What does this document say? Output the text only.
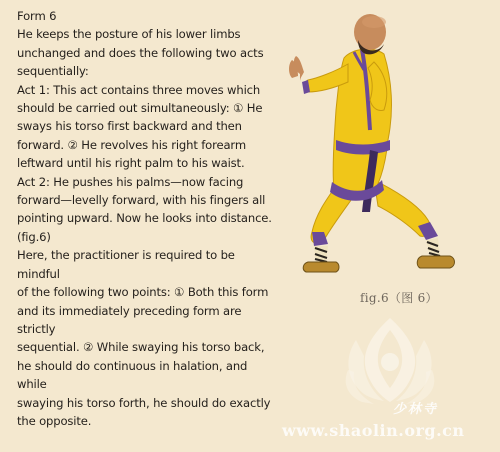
Form 6

He keeps the posture of his lower limbs
unchanged and does the following two acts
sequentially:

Act 1: This act contains three moves which
should be carried out simultaneously: ① He
sways his torso first backward and then
forward. ② He revolves his right forearm
leftward until his right palm to his waist.

Act 2: He pushes his palms—now facing
forward—levelly forward, with his fingers all
pointing upward. Now he looks into distance.
(fig.6)

Here, the practitioner is required to be mindful
of the following two points: ① Both this form
and its immediately preceding form are strictly
sequential. ② While swaying his torso back,
he should do continuous in halation, and while
swaying his torso forth, he should do exactly
the opposite.

fig.6（图 6）
少林寺
www.shaolin.org.cn
